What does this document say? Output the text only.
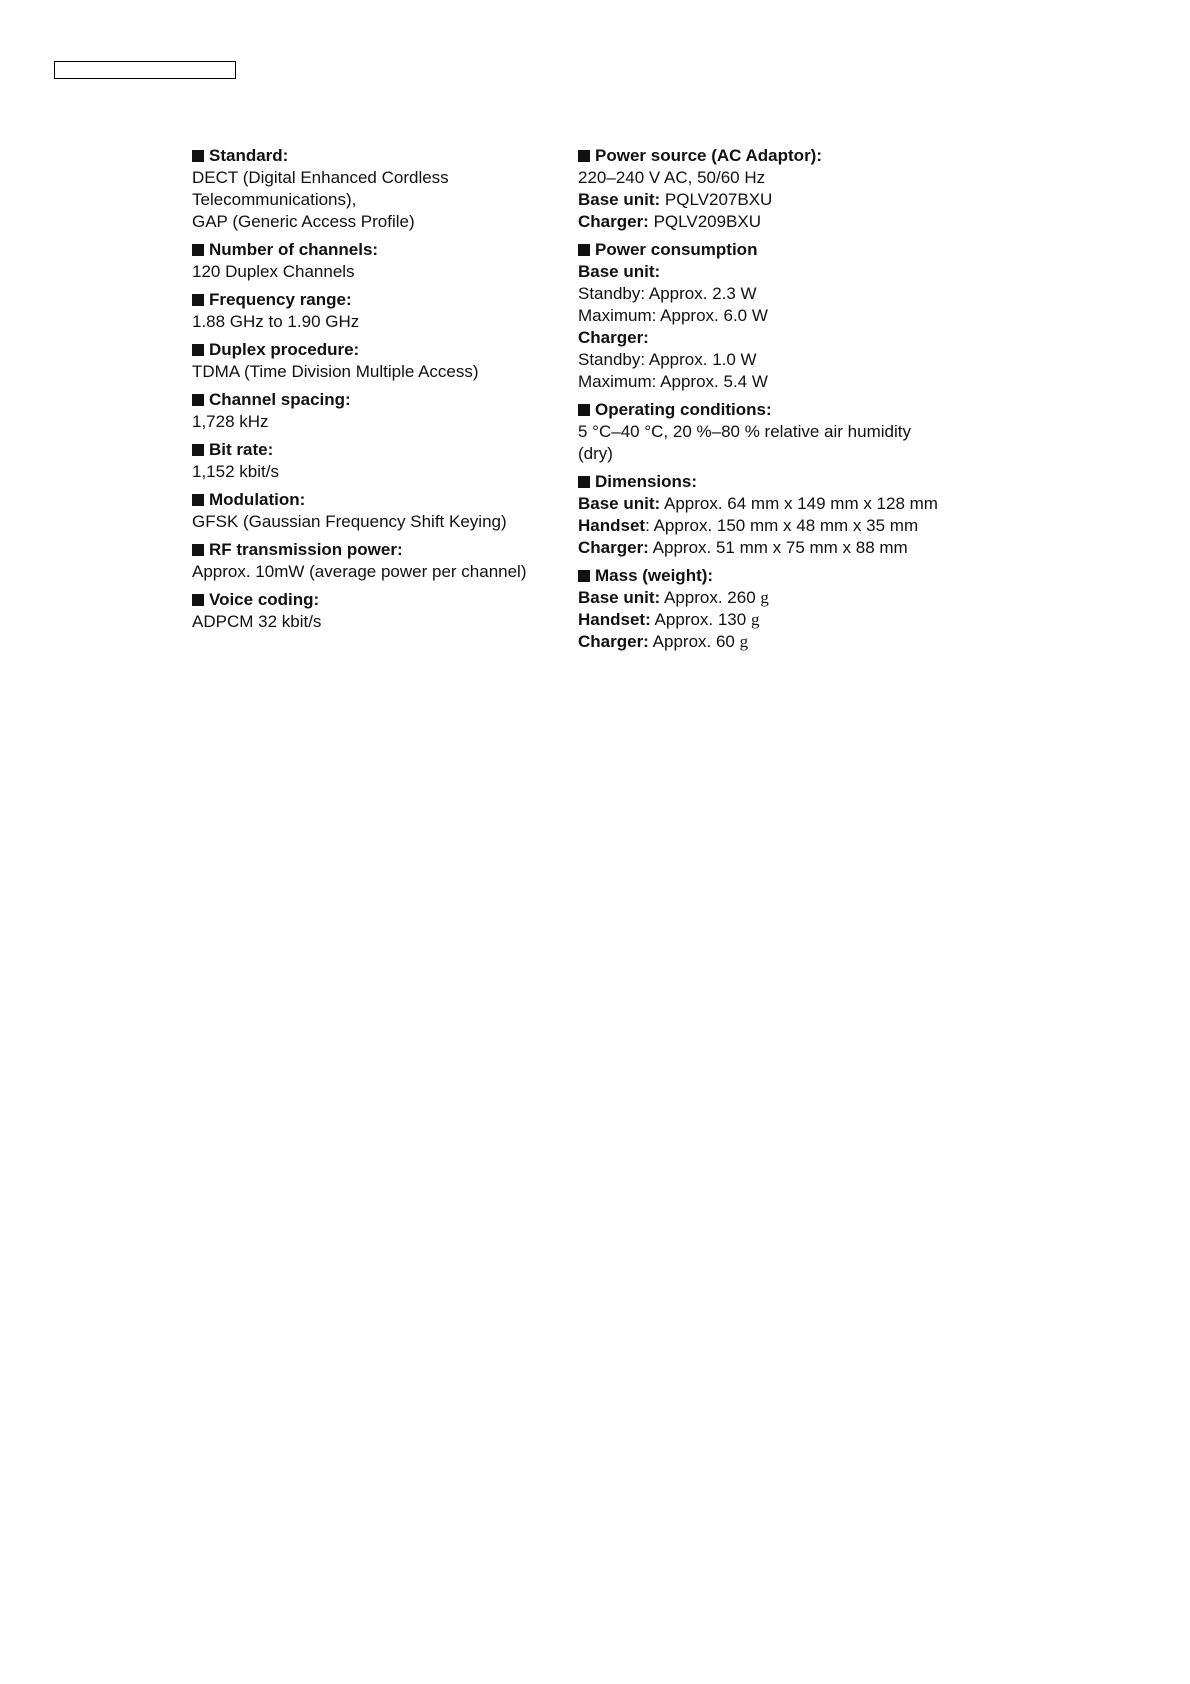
Standard:
DECT (Digital Enhanced Cordless
Telecommunications),
GAP (Generic Access Profile)
Number of channels:
120 Duplex Channels
Frequency range:
1.88 GHz to 1.90 GHz
Duplex procedure:
TDMA (Time Division Multiple Access)
Channel spacing:
1,728 kHz
Bit rate:
1,152 kbit/s
Modulation:
GFSK (Gaussian Frequency Shift Keying)
RF transmission power:
Approx. 10mW (average power per channel)
Voice coding:
ADPCM 32 kbit/s
Power source (AC Adaptor):
220–240 V AC, 50/60 Hz
Base unit: PQLV207BXU
Charger: PQLV209BXU
Power consumption
Base unit:
Standby: Approx. 2.3 W
Maximum: Approx. 6.0 W
Charger:
Standby: Approx. 1.0 W
Maximum: Approx. 5.4 W
Operating conditions:
5 °C–40 °C, 20 %–80 % relative air humidity
(dry)
Dimensions:
Base unit: Approx. 64 mm x 149 mm x 128 mm
Handset: Approx. 150 mm x 48 mm x 35 mm
Charger: Approx. 51 mm x 75 mm x 88 mm
Mass (weight):
Base unit: Approx. 260 g
Handset: Approx. 130 g
Charger: Approx. 60 g
